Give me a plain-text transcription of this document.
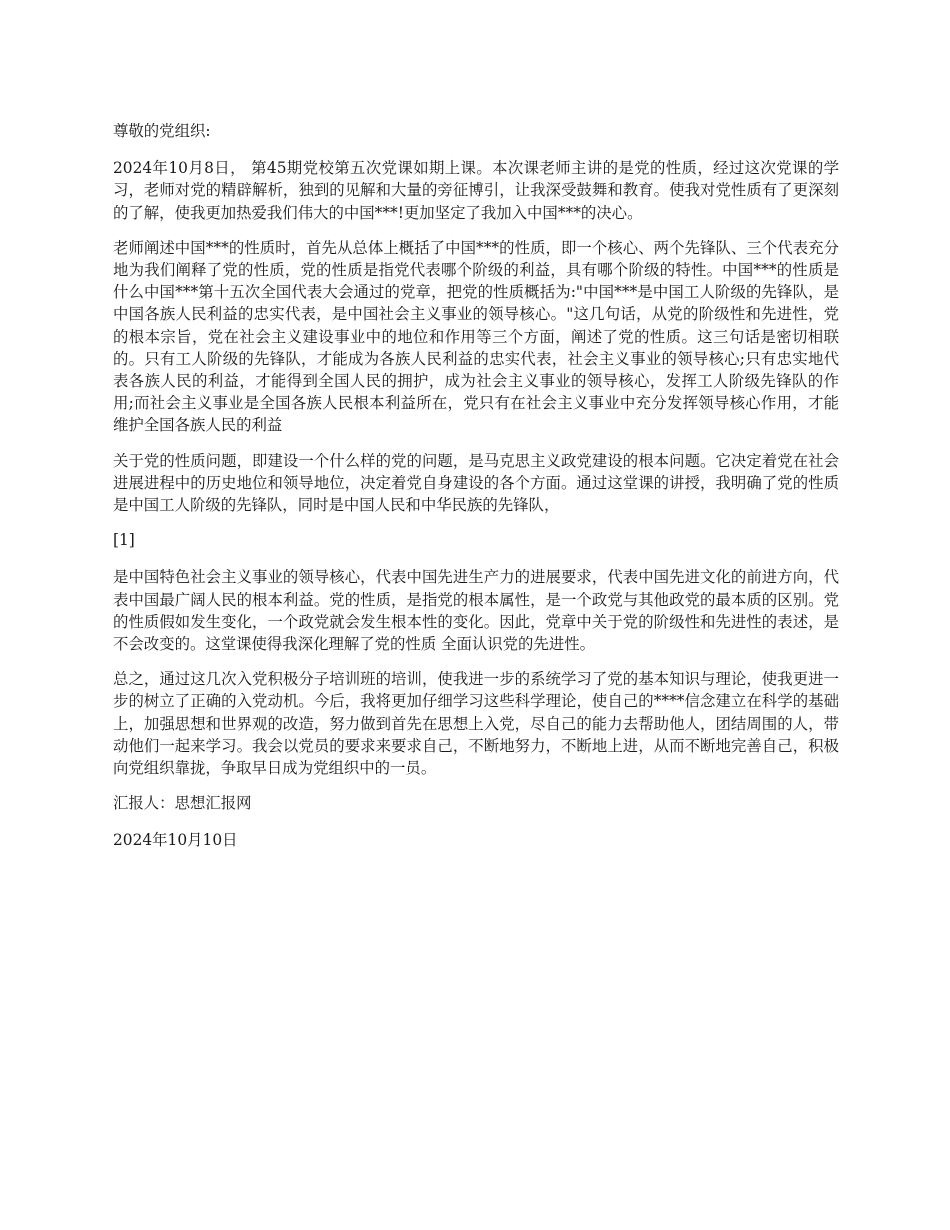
尊敬的党组织:

2024年10月8日， 第45期党校第五次党课如期上课。本次课老师主讲的是党的性质，经过这次党课的学习，老师对党的精辟解析，独到的见解和大量的旁征博引，让我深受鼓舞和教育。使我对党性质有了更深刻的了解，使我更加热爱我们伟大的中国***!更加坚定了我加入中国***的决心。

老师阐述中国***的性质时，首先从总体上概括了中国***的性质，即一个核心、两个先锋队、三个代表充分地为我们阐释了党的性质，党的性质是指党代表哪个阶级的利益，具有哪个阶级的特性。中国***的性质是什么中国***第十五次全国代表大会通过的党章，把党的性质概括为:"中国***是中国工人阶级的先锋队，是中国各族人民利益的忠实代表，是中国社会主义事业的领导核心。"这几句话，从党的阶级性和先进性，党的根本宗旨，党在社会主义建设事业中的地位和作用等三个方面，阐述了党的性质。这三句话是密切相联的。只有工人阶级的先锋队，才能成为各族人民利益的忠实代表，社会主义事业的领导核心;只有忠实地代表各族人民的利益，才能得到全国人民的拥护，成为社会主义事业的领导核心，发挥工人阶级先锋队的作用;而社会主义事业是全国各族人民根本利益所在，党只有在社会主义事业中充分发挥领导核心作用，才能维护全国各族人民的利益

关于党的性质问题，即建设一个什么样的党的问题，是马克思主义政党建设的根本问题。它决定着党在社会进展进程中的历史地位和领导地位，决定着党自身建设的各个方面。通过这堂课的讲授，我明确了党的性质是中国工人阶级的先锋队，同时是中国人民和中华民族的先锋队，

[1]

是中国特色社会主义事业的领导核心，代表中国先进生产力的进展要求，代表中国先进文化的前进方向，代表中国最广阔人民的根本利益。党的性质，是指党的根本属性，是一个政党与其他政党的最本质的区别。党的性质假如发生变化，一个政党就会发生根本性的变化。因此，党章中关于党的阶级性和先进性的表述，是不会改变的。这堂课使得我深化理解了党的性质 全面认识党的先进性。

总之，通过这几次入党积极分子培训班的培训，使我进一步的系统学习了党的基本知识与理论，使我更进一步的树立了正确的入党动机。今后，我将更加仔细学习这些科学理论，使自己的****信念建立在科学的基础上，加强思想和世界观的改造，努力做到首先在思想上入党，尽自己的能力去帮助他人，团结周围的人，带动他们一起来学习。我会以党员的要求来要求自己，不断地努力，不断地上进，从而不断地完善自己，积极向党组织靠拢，争取早日成为党组织中的一员。

汇报人：思想汇报网

2024年10月10日
